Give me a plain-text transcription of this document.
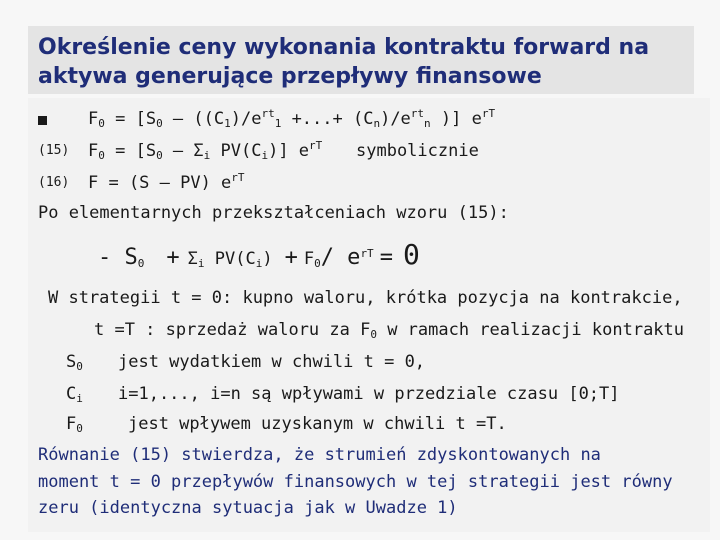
Określenie ceny wykonania kontraktu forward na aktywa generujące przepływy finansowe
$F_0 = [S_0 - ((C_1)/e^{rt}_1$ +...+ $(C_n)/e^{rt}_n$ )] $e^{rT}$
(15) $F_0 = [S_0 - \Sigma_i$ $PV(C_i)$] $e^{rT}$ symbolicznie
(16) F = (S – PV) $e^{rT}$
Po elementarnych przekształceniach wzoru (15):
- $S_0 + \Sigma_i$ $PV(C_i) + F_0/$ $e^{rT} = 0$
W strategii t = 0: kupno waloru, krótka pozycja na kontrakcie,
t =T : sprzedaż waloru za $F_0$ w ramach realizacji kontraktu
$S_0$ jest wydatkiem w chwili t = 0,
$C_i$ i=1,..., i=n są wpływami w przedziale czasu [0;T]
$F_0$	jest wpływem uzyskanym w chwili t =T.
Równanie (15) stwierdza, że strumień zdyskontowanych na
moment t = 0 przepływów finansowych w tej strategii jest równy
zeru (identyczna sytuacja jak w Uwadze 1)
